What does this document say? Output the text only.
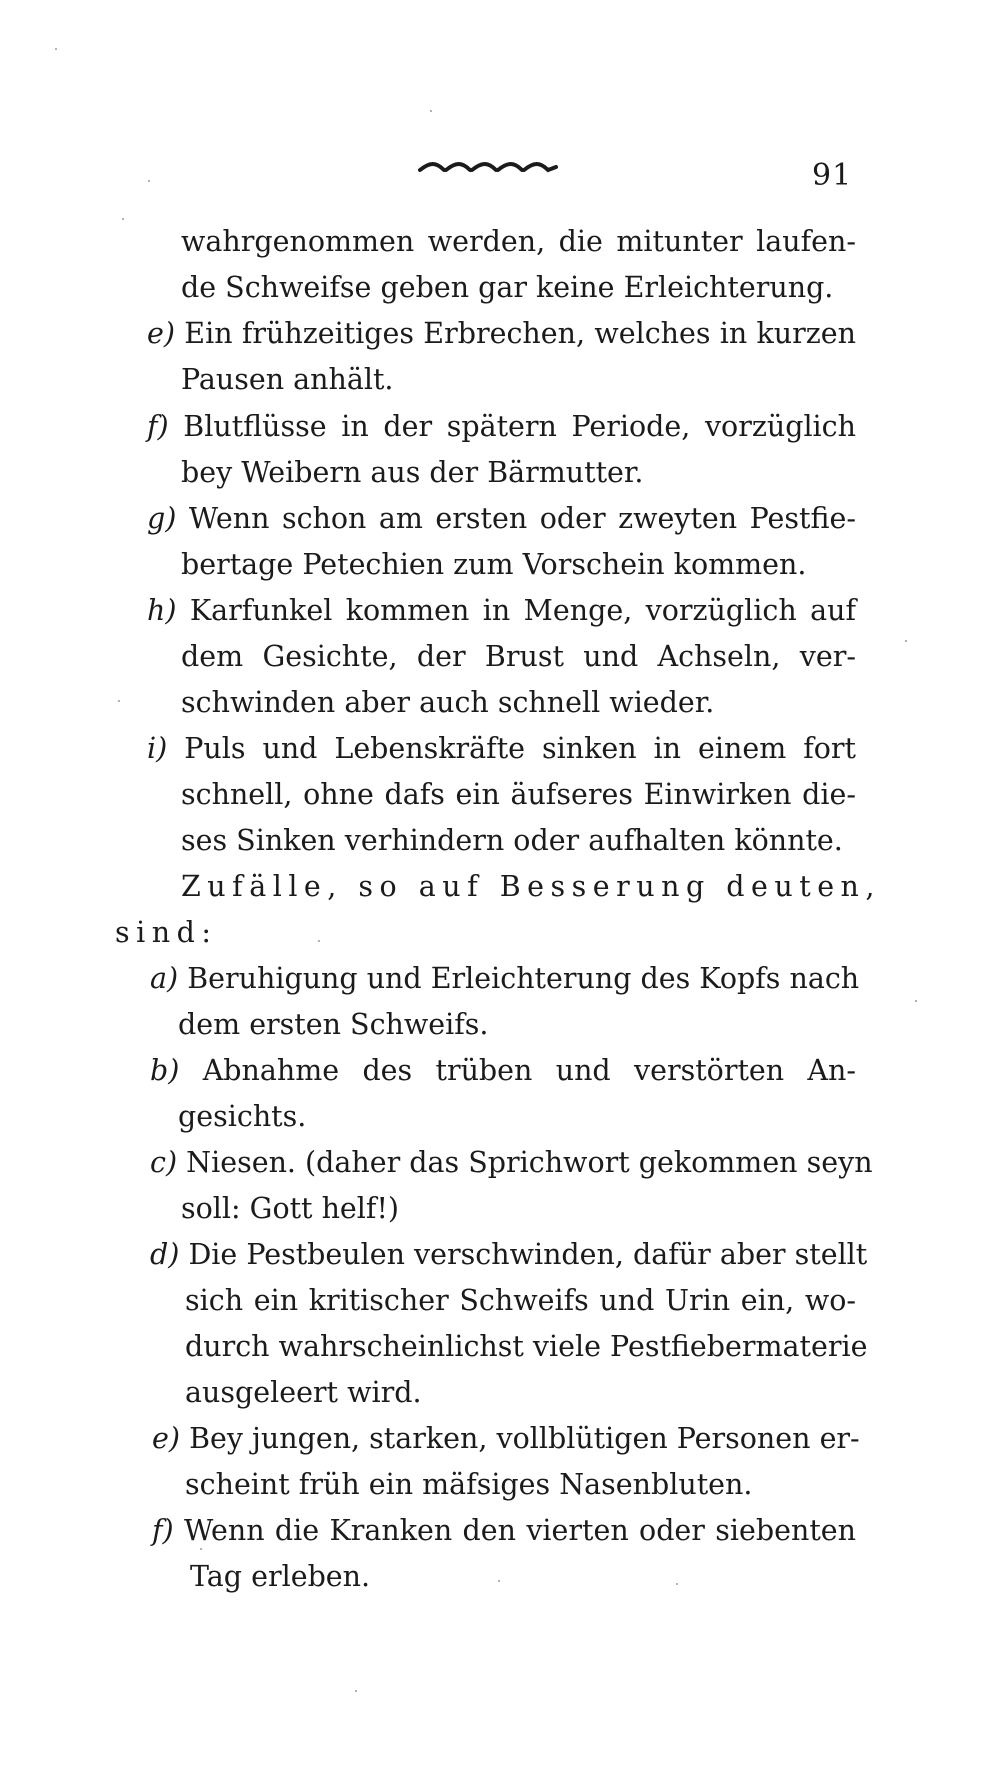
91
wahrgenommen werden, die mitunter laufen-
de Schweifse geben gar keine Erleichterung.
e) Ein frühzeitiges Erbrechen, welches in kurzen
Pausen anhält.
f) Blutflüsse in der spätern Periode, vorzüglich
bey Weibern aus der Bärmutter.
g) Wenn schon am ersten oder zweyten Pestfie-
bertage Petechien zum Vorschein kommen.
h) Karfunkel kommen in Menge, vorzüglich auf
dem Gesichte, der Brust und Achseln, ver-
schwinden aber auch schnell wieder.
i) Puls und Lebenskräfte sinken in einem fort
schnell, ohne dafs ein äufseres Einwirken die-
ses Sinken verhindern oder aufhalten könnte.
Zufälle, so auf Besserung deuten,
sind:
a) Beruhigung und Erleichterung des Kopfs nach
dem ersten Schweifs.
b) Abnahme des trüben und verstörten An-
gesichts.
c) Niesen. (daher das Sprichwort gekommen seyn
soll: Gott helf!)
d) Die Pestbeulen verschwinden, dafür aber stellt
sich ein kritischer Schweifs und Urin ein, wo-
durch wahrscheinlichst viele Pestfiebermaterie
ausgeleert wird.
e) Bey jungen, starken, vollblütigen Personen er-
scheint früh ein mäfsiges Nasenbluten.
f) Wenn die Kranken den vierten oder siebenten
Tag erleben.
